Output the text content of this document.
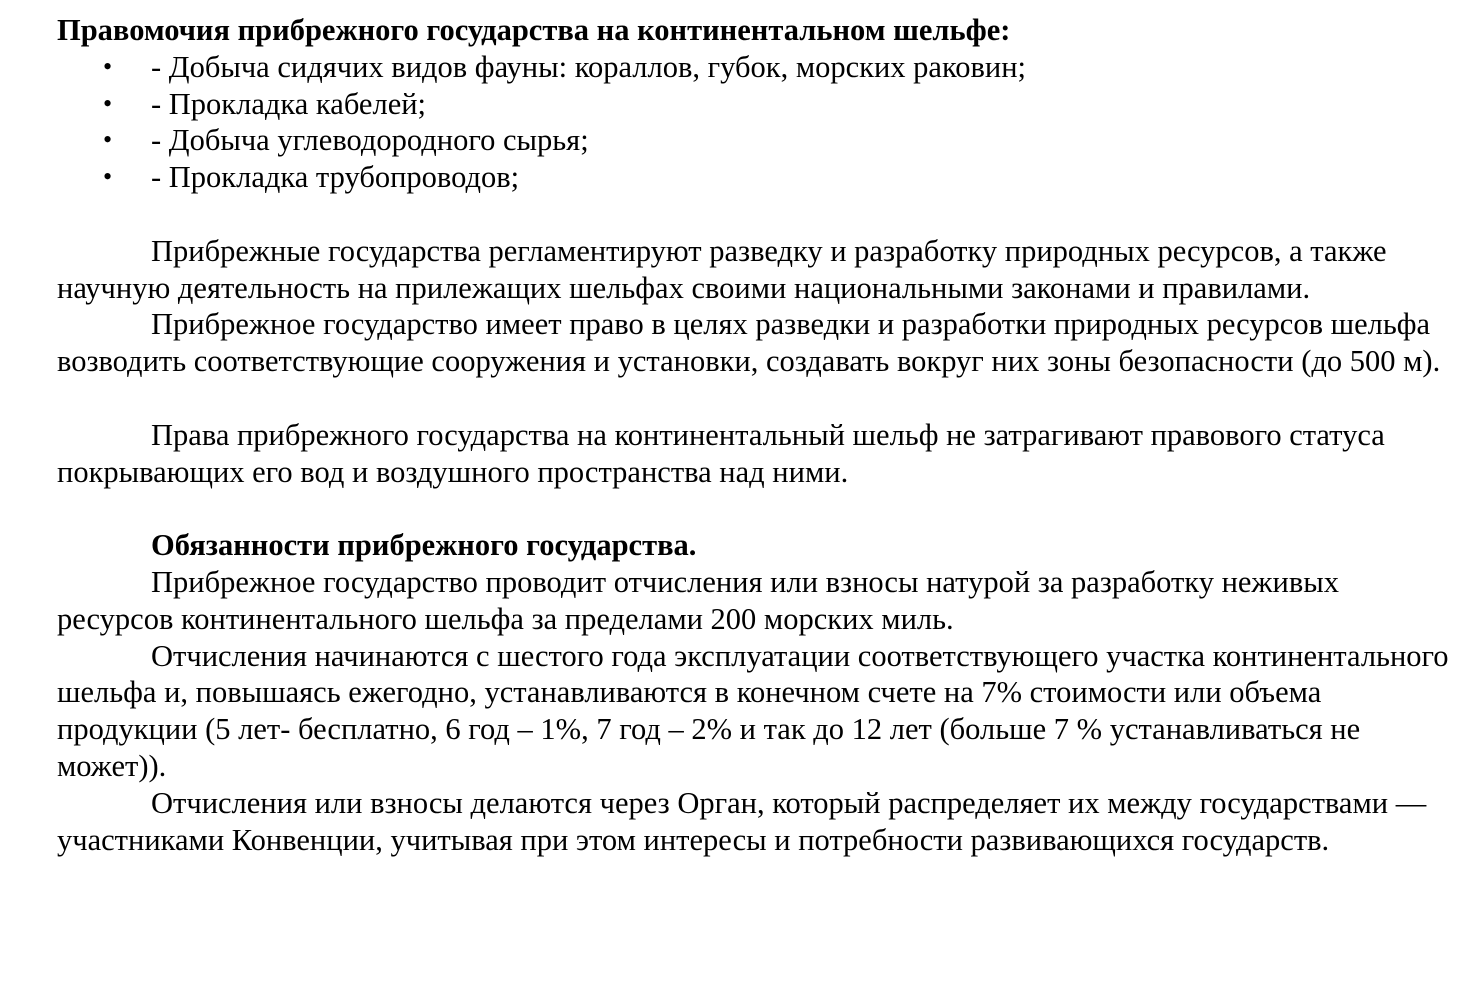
Правомочия прибрежного государства на континентальном шельфе:

• - Добыча сидячих видов фауны: кораллов, губок, морских раковин;
• - Прокладка кабелей;
• - Добыча углеводородного сырья;
• - Прокладка трубопроводов;

Прибрежные государства регламентируют разведку и разработку природных ресурсов, а также научную деятельность на прилежащих шельфах своими национальными законами и правилами.

Прибрежное государство имеет право в целях разведки и разработки природных ресурсов шельфа возводить соответствующие сооружения и установки, создавать вокруг них зоны безопасности (до 500 м).

Права прибрежного государства на континентальный шельф не затрагивают правового статуса покрывающих его вод и воздушного пространства над ними.

Обязанности прибрежного государства.

Прибрежное государство проводит отчисления или взносы натурой за разработку неживых ресурсов континентального шельфа за пределами 200 морских миль.

Отчисления начинаются с шестого года эксплуатации соответствующего участка континентального шельфа и, повышаясь ежегодно, устанавливаются в конечном счете на 7% стоимости или объема продукции (5 лет- бесплатно, 6 год – 1%, 7 год – 2% и так до 12 лет (больше 7 % устанавливаться не может)).

Отчисления или взносы делаются через Орган, который распределяет их между государствами — участниками Конвенции, учитывая при этом интересы и потребности развивающихся государств.
